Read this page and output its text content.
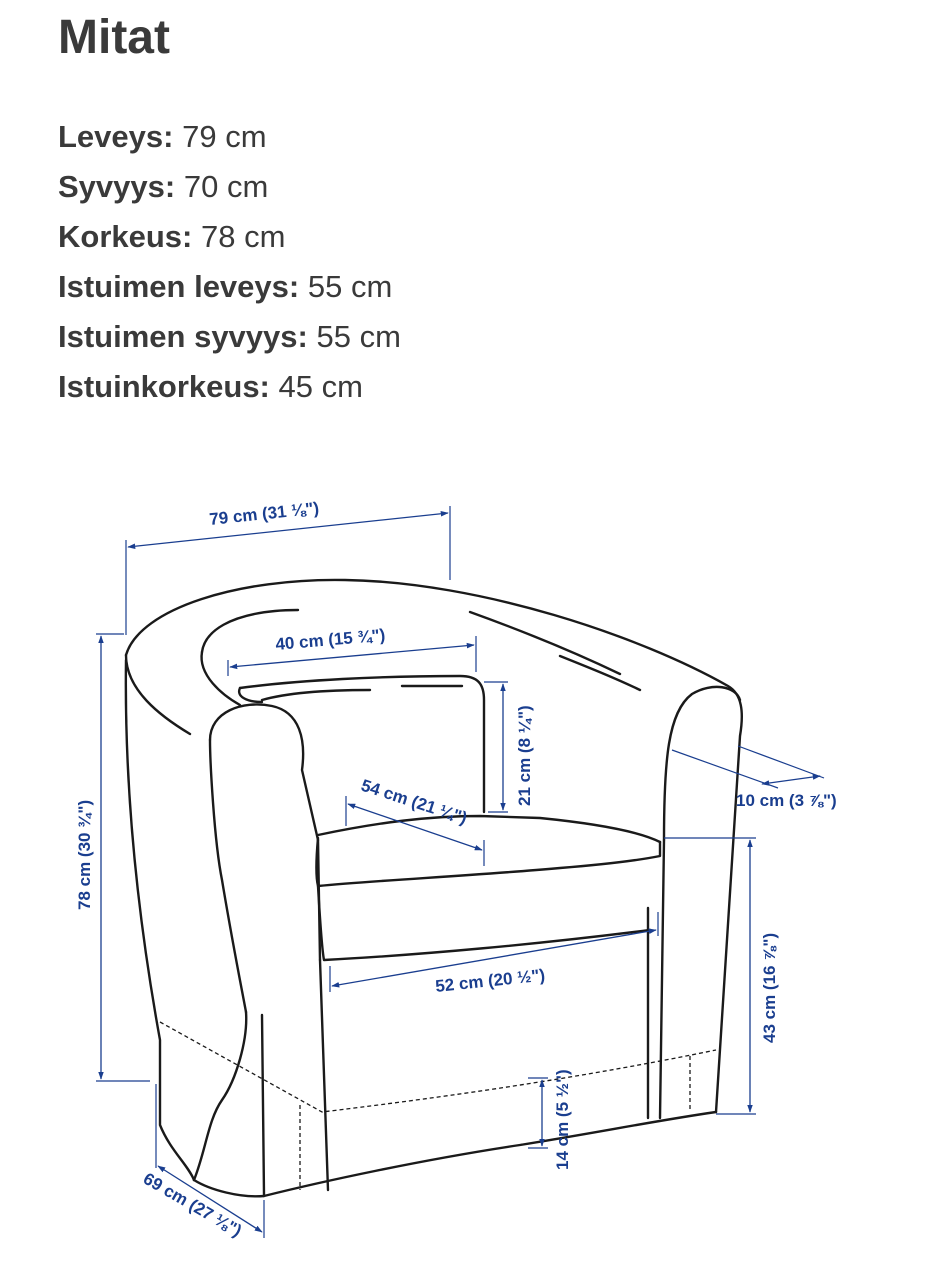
Mitat
Leveys: 79 cm
Syvyys: 70 cm
Korkeus: 78 cm
Istuimen leveys: 55 cm
Istuimen syvyys: 55 cm
Istuinkorkeus: 45 cm
79 cm (31 ⅛")
40 cm (15 ¾")
21 cm (8 ¼")
54 cm (21 ¼")	10 cm (3 ⅞")
78 cm (30 ¾")
52 cm (20 ½")	43 cm (16 ⅞")
14 cm (5 ½")
69 cm (27 ⅛")
